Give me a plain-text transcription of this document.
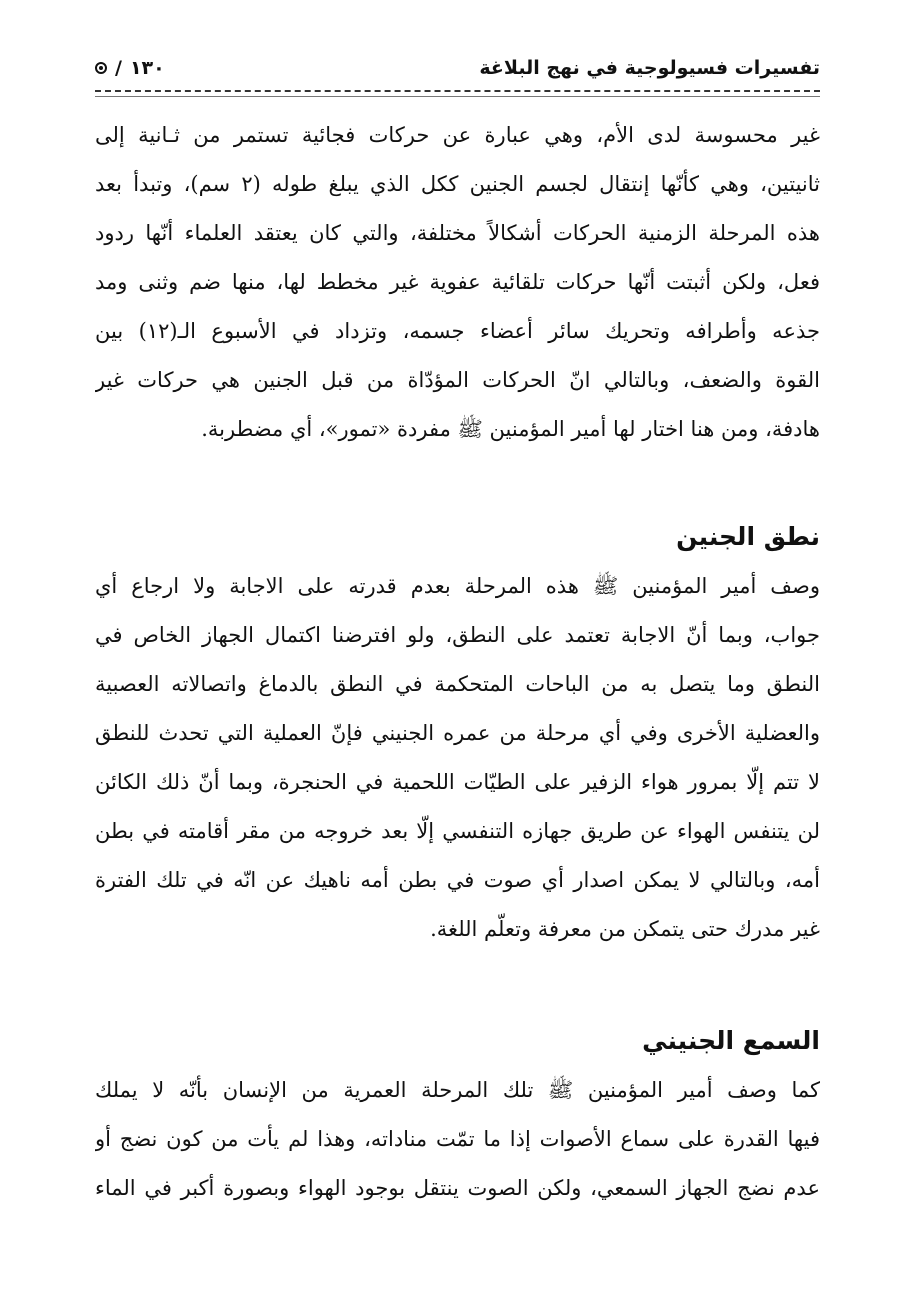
تفسيرات فسيولوجية في نهج البلاغة
/ ١٣٠
غير محسوسة لدى الأم، وهي عبارة عن حركات فجائية تستمر من ثـانية إلى
ثانيتين، وهي كأنّها إنتقال لجسم الجنين ككل الذي يبلغ طوله (٢ سم)، وتبدأ بعد
هذه المرحلة الزمنية الحركات أشكالاً مختلفة، والتي كان يعتقد العلماء أنّها ردود
فعل، ولكن أثبتت أنّها حركات تلقائية عفوية غير مخطط لها، منها ضم وثنى ومد
جذعه وأطرافه وتحريك سائر أعضاء جسمه، وتزداد في الأسبوع الـ(١٢) بين
القوة والضعف، وبالتالي انّ الحركات المؤدّاة من قبل الجنين هي حركات غير
هادفة، ومن هنا اختار لها أمير المؤمنين ﷺ مفردة «تمور»، أي مضطربة.
نطق الجنين
وصف أمير المؤمنين ﷺ هذه المرحلة بعدم قدرته على الاجابة ولا ارجاع أي
جواب، وبما أنّ الاجابة تعتمد على النطق، ولو افترضنا اكتمال الجهاز الخاص في
النطق وما يتصل به من الباحات المتحكمة في النطق بالدماغ واتصالاته العصبية
والعضلية الأخرى وفي أي مرحلة من عمره الجنيني فإنّ العملية التي تحدث للنطق
لا تتم إلّا بمرور هواء الزفير على الطيّات اللحمية في الحنجرة، وبما أنّ ذلك الكائن
لن يتنفس الهواء عن طريق جهازه التنفسي إلّا بعد خروجه من مقر أقامته في بطن
أمه، وبالتالي لا يمكن اصدار أي صوت في بطن أمه ناهيك عن انّه في تلك الفترة
غير مدرك حتى يتمكن من معرفة وتعلّم اللغة.
السمع الجنيني
كما وصف أمير المؤمنين ﷺ تلك المرحلة العمرية من الإنسان بأنّه لا يملك
فيها القدرة على سماع الأصوات إذا ما تمّت مناداته، وهذا لم يأت من كون نضج أو
عدم نضج الجهاز السمعي، ولكن الصوت ينتقل بوجود الهواء وبصورة أكبر في الماء
